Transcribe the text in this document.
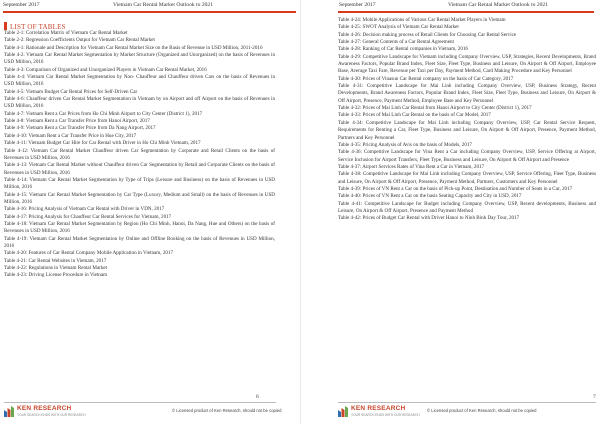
September 2017	Vietnam Car Rental Market Outlook to 2021
LIST OF TABLES

Table 2-1: Correlation Matrix of Vietnam Car Rental Market

Table 2-2: Regression Coefficients Output for Vietnam Car Rental Market

Table 4-1: Rationale and Description for Vietnam Car Rental Market Size on the Basis of Revenue in USD Million, 2011-2016

Table 4-2: Vietnam Car Rental Market Segmentation by Market Structure (Organized and Unorganized) on the basis of Revenues in USD Million, 2016

Table 4-3: Comparison of Organized and Unorganized Players in Vietnam Car Rental Market, 2016

Table 4-4: Vietnam Car Rental Market Segmentation by Non- Chauffeur and Chauffeur driven Cars on the basis of Revenues in USD Million, 2016

Table 4-5: Vietnam Budget Car Rental Prices for Self-Driven Car

Table 4-6: Chauffeur driven Car Rental Market Segmentation in Vietnam by on Airport and off Airport on the basis of Revenues in USD Million, 2016

Table 4-7: Vietnam Rent a Car Prices from Ho Chi Minh Airport to City Center (District 1), 2017

Table 4-8: Vietnam Rent a Car Transfer Price from Hanoi Airport, 2017

Table 4-9: Vietnam Rent a Car Transfer Price from Da Nang Airport, 2017

Table 4-10: Vietnam Rent a Car Transfer Price in Hue City, 2017

Table 4-11: Vietnam Budget Car Hire for Car Rental with Driver in Ho Chi Minh Vietnam, 2017

Table 4-12: Vietnam Car Rental Market Chauffeur driven Car Segmentation by Corporate and Retail Clients on the basis of Revenues in USD Million, 2016

Table 4-13: Vietnam Car Rental Market without Chauffeur driven Car Segmentation by Retail and Corporate Clients on the basis of Revenues in USD Million, 2016

Table 4-14: Vietnam Car Rental Market Segmentation by Type of Trips (Leisure and Business) on the basis of Revenues in USD Million, 2016

Table 4-15: Vietnam Car Rental Market Segmentation by Car Type (Luxury, Medium and Small) on the basis of Revenues in USD Million, 2016

Table 4-16: Pricing Analysis of Vietnam Car Rental with Driver in VDN, 2017

Table 4-17: Pricing Analysis for Chauffeur Car Rental Services for Vietnam, 2017

Table 4-18: Vietnam Car Rental Market Segmentation by Region (Ho Chi Minh, Hanoi, Da Nang, Hue and Others) on the basis of Revenues in USD Million, 2016

Table 4-19: Vietnam Car Rental Market Segmentation by Online and Offline Booking on the basis of Revenues in USD Million, 2016

Table 4-20: Features of Car Rental Company Mobile Application in Vietnam, 2017

Table 4-21: Car Rental Websites in Vietnam, 2017

Table 4-22: Regulations in Vietnam Rental Market

Table 4-23: Driving License Procedure in Vietnam

6
KEN RESEARCH
YOUR SEARCH ENDS WITH OUR RESEARCH
© Licensed product of Ken Research, should not be copied
September 2017	Vietnam Car Rental Market Outlook to 2021

Table 4-24: Mobile Applications of Various Car Rental Market Players in Vietnam

Table 4-25: SWOT Analysis of Vietnam Car Rental Market

Table 4-26: Decision making process of Retail Clients for Choosing Car Rental Service

Table 4-27: General Contents of a Car Rental Agreement

Table 4-28: Ranking of Car Rental companies in Vietnam, 2016

Table 4-29: Competitive Landscape for Vietnam including Company Overview, USP, Strategies, Recent Developments, Brand Awareness Factors, Popular Brand Index, Fleet Size, Fleet Type, Business and Leisure, On Airport & Off Airport, Employee Base, Average Taxi Fare, Revenue per Taxi per Day, Payment Method, Card Making Procedure and Key Personnel

Table 4-30: Prices of Vinasun Car Rental company on the basis of Car Category, 2017

Table 4-31: Competitive Landscape for Mai Linh including Company Overview, USP, Business Strategy, Recent Developments, Brand Awareness Factors, Popular Brand Index, Fleet Size, Fleet Type, Business and Leisure, On Airport & Off Airport, Presence, Payment Method, Employee Base and Key Personnel

Table 4-32: Prices of Mai Linh Car Rental from Hanoi Airport to City Center (District 1), 2017

Table 4-33: Prices of Mai Linh Car Rental on the basis of Car Model, 2017

Table 4-34: Competitive Landscape for Mai Linh including Company Overview, USP, Car Rental Service Request, Requirements for Renting a Car, Fleet Type, Business and Leisure, On Airport & Off Airport, Presence, Payment Method, Partners and Key Personnel

Table 4-35: Pricing Analysis of Avis on the basis of Models, 2017

Table 4-36: Competitive Landscape for Vina Rent a Car including Company Overview, USP, Service Offering at Airport, Service Inclusion for Airport Transfers, Fleet Type, Business and Leisure, On Airport & Off Airport and Presence

Table 4-37: Airport Services Rates of Vina Rent a Car in Vietnam, 2017

Table 4-38: Competitive Landscape for Mai Linh including Company Overview, USP, Service Offering, Fleet Type, Business and Leisure, On Airport & Off Airport, Presence, Payment Method, Partners, Customers and Key Personnel

Table 4-39: Prices of VN Rent a Car on the basis of Pick-up Point, Destination and Number of Seats in a Car, 2017

Table 4-40: Prices of VN Rent a Car on the basis Seating Capacity and City in USD, 2017

Table 4-41: Competitive Landscape for Budget including Company Overview, USP, Recent developments, Business and Leisure, On Airport & Off Airport, Presence and Payment Method

Table 4-42: Prices of Budget Car Rental with Driver Hanoi to Ninh Binh Day Tour, 2017

7
KEN RESEARCH
YOUR SEARCH ENDS WITH OUR RESEARCH
© Licensed product of Ken Research, should not be copied
